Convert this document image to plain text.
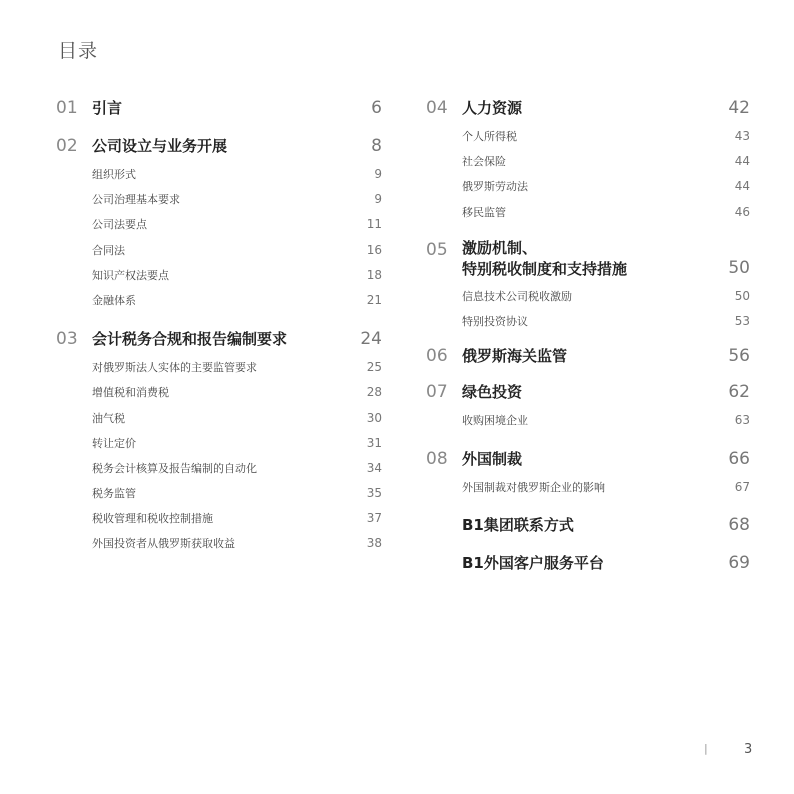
目录
01 引言	6
02 公司设立与业务开展	8
组织形式	9
公司治理基本要求	9
公司法要点	11
合同法	16
知识产权法要点	18
金融体系	21
03 会计税务合规和报告编制要求	24
对俄罗斯法人实体的主要监管要求	25
增值税和消费税	28
油气税	30
转让定价	31
税务会计核算及报告编制的自动化	34
税务监管	35
税收管理和税收控制措施	37
外国投资者从俄罗斯获取收益	38
04 人力资源	42
个人所得税	43
社会保险	44
俄罗斯劳动法	44
移民监管	46
05 激励机制、
特别税收制度和支持措施	50
信息技术公司税收激励	50
特别投资协议	53
06 俄罗斯海关监管	56
07 绿色投资	62
收购困境企业	63
08 外国制裁	66
外国制裁对俄罗斯企业的影响	67
B1集团联系方式	68
B1外国客户服务平台	69
|	3
